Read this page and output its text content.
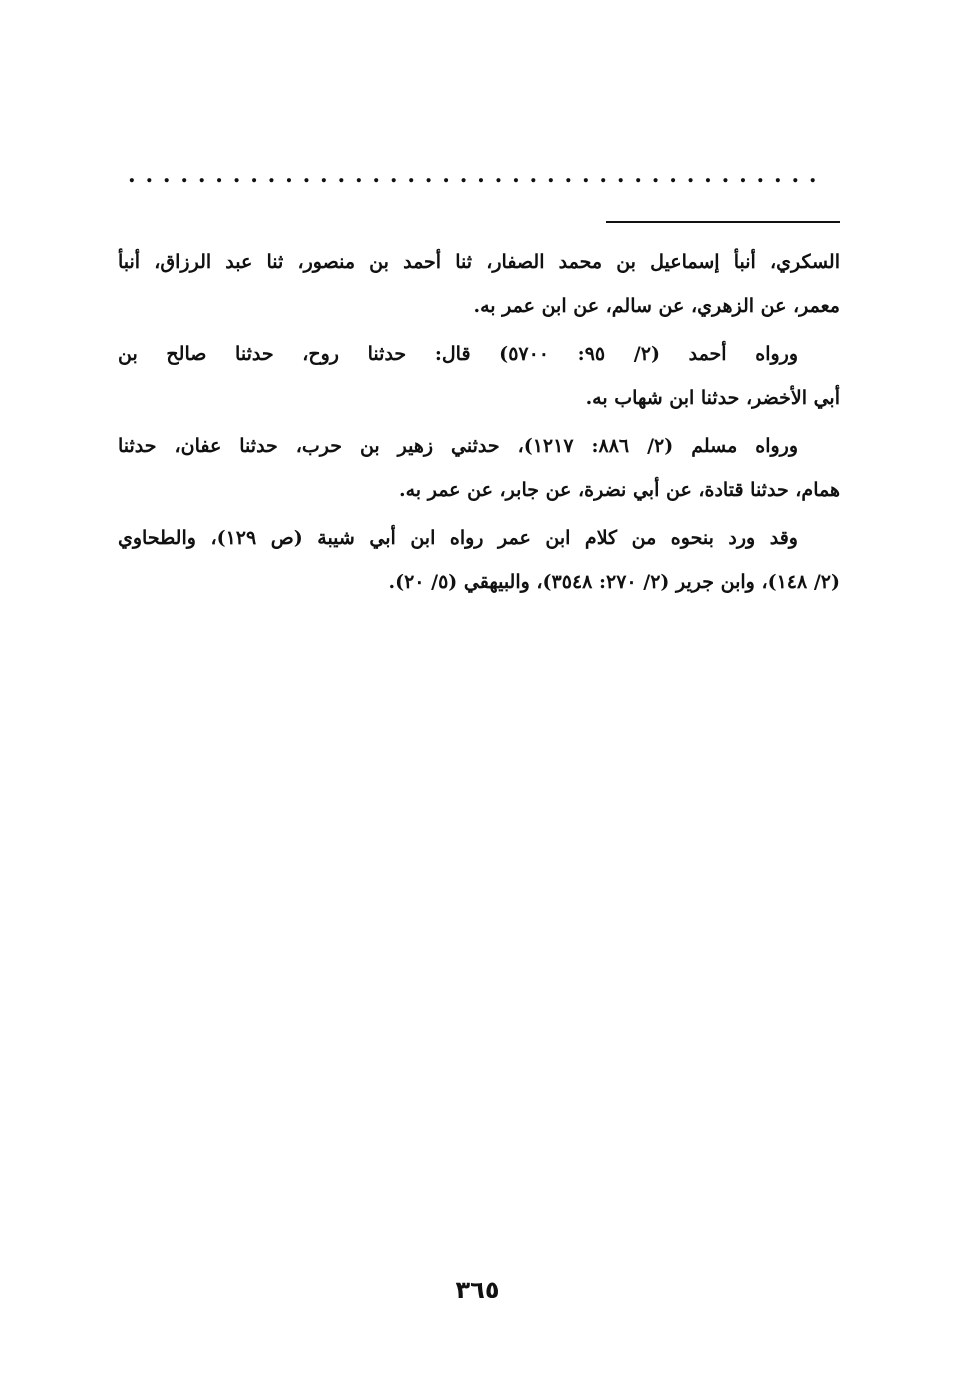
........................................
السكري، أنبأ إسماعيل بن محمد الصفار، ثنا أحمد بن منصور، ثنا عبد الرزاق، أنبأ
معمر، عن الزهري، عن سالم، عن ابن عمر به.
ورواه أحمد (٢/ ٩٥: ٥٧٠٠) قال: حدثنا روح، حدثنا صالح بن
أبي الأخضر، حدثنا ابن شهاب به.
ورواه مسلم (٢/ ٨٨٦: ١٢١٧)، حدثني زهير بن حرب، حدثنا عفان، حدثنا
همام، حدثنا قتادة، عن أبي نضرة، عن جابر، عن عمر به.
وقد ورد بنحوه من كلام ابن عمر رواه ابن أبي شيبة (ص ١٢٩)، والطحاوي
(٢/ ١٤٨)، وابن جرير (٢/ ٢٧٠: ٣٥٤٨)، والبيهقي (٥/ ٢٠).
٣٦٥
